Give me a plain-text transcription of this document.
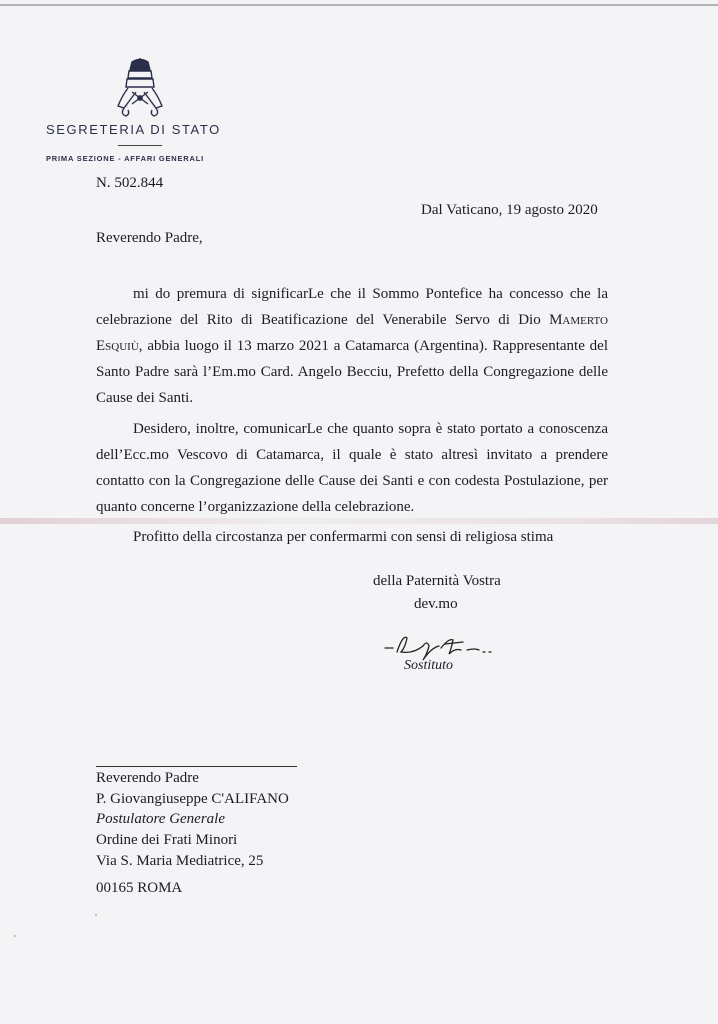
SEGRETERIA DI STATO
PRIMA SEZIONE - AFFARI GENERALI
N. 502.844
Dal Vaticano, 19 agosto 2020
Reverendo Padre,
mi do premura di significarLe che il Sommo Pontefice ha concesso che la celebrazione del Rito di Beatificazione del Venerabile Servo di Dio Mamerto Esquiù, abbia luogo il 13 marzo 2021 a Catamarca (Argentina). Rappresentante del Santo Padre sarà l’Em.mo Card. Angelo Becciu, Prefetto della Congregazione delle Cause dei Santi.
Desidero, inoltre, comunicarLe che quanto sopra è stato portato a conoscenza dell’Ecc.mo Vescovo di Catamarca, il quale è stato altresì invitato a prendere contatto con la Congregazione delle Cause dei Santi e con codesta Postulazione, per quanto concerne l’organizzazione della celebrazione.
Profitto della circostanza per confermarmi con sensi di religiosa stima
della Paternità Vostra
dev.mo
Sostituto
Reverendo Padre
P. Giovangiuseppe C'ALIFANO
Postulatore Generale
Ordine dei Frati Minori
Via S. Maria Mediatrice, 25
00165 ROMA
